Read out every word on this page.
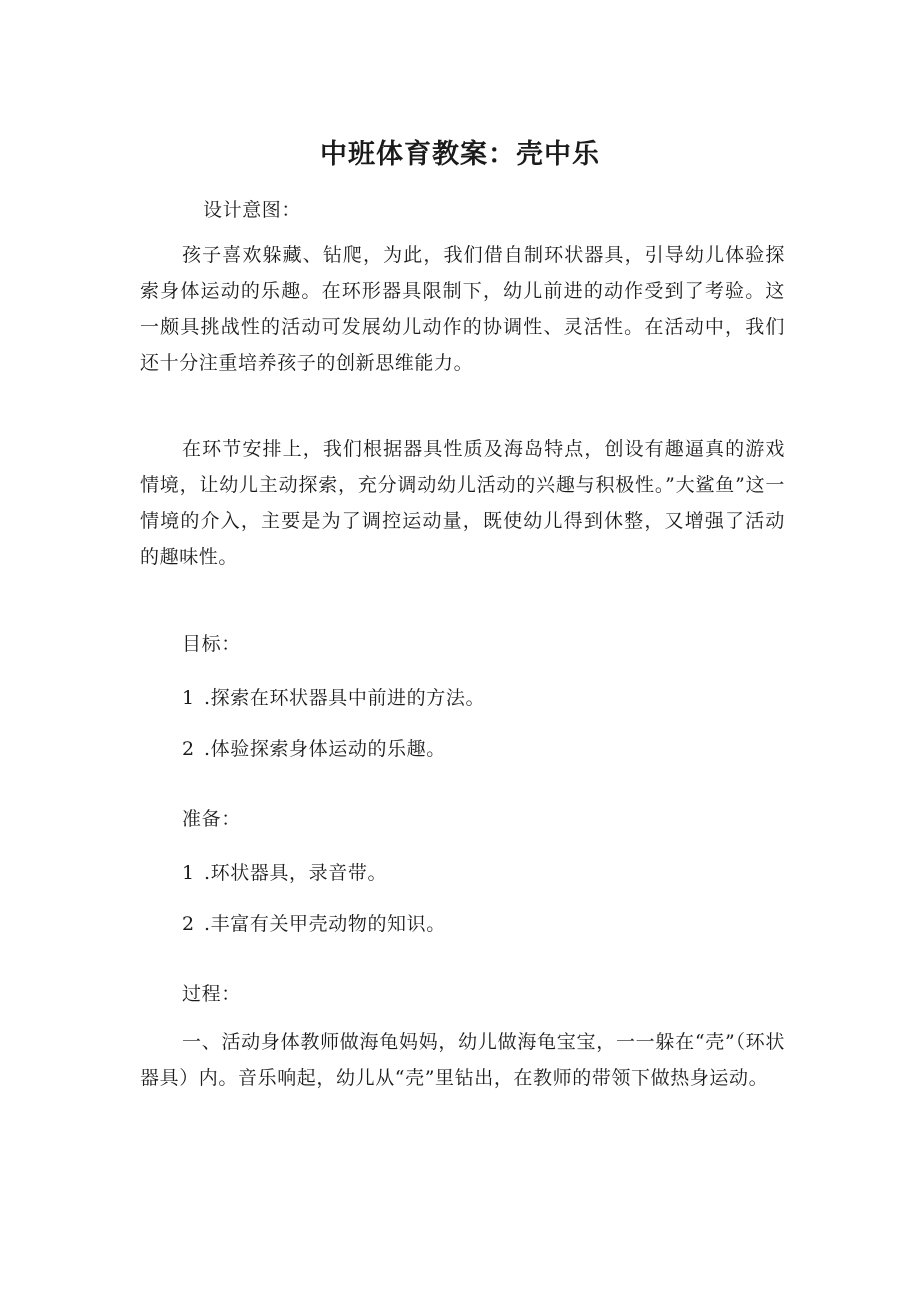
中班体育教案：壳中乐

设计意图：

孩子喜欢躲藏、钻爬，为此，我们借自制环状器具，引导幼儿体验探索身体运动的乐趣。在环形器具限制下，幼儿前进的动作受到了考验。这一颇具挑战性的活动可发展幼儿动作的协调性、灵活性。在活动中，我们还十分注重培养孩子的创新思维能力。

在环节安排上，我们根据器具性质及海岛特点，创设有趣逼真的游戏情境，让幼儿主动探索，充分调动幼儿活动的兴趣与积极性。”大鲨鱼”这一情境的介入，主要是为了调控运动量，既使幼儿得到休整，又增强了活动的趣味性。

目标：

1 .探索在环状器具中前进的方法。

2 .体验探索身体运动的乐趣。

准备：

1 .环状器具，录音带。

2 .丰富有关甲壳动物的知识。

过程：

一、活动身体教师做海龟妈妈，幼儿做海龟宝宝，一一躲在“壳”（环状器具）内。音乐响起，幼儿从“壳”里钻出，在教师的带领下做热身运动。
